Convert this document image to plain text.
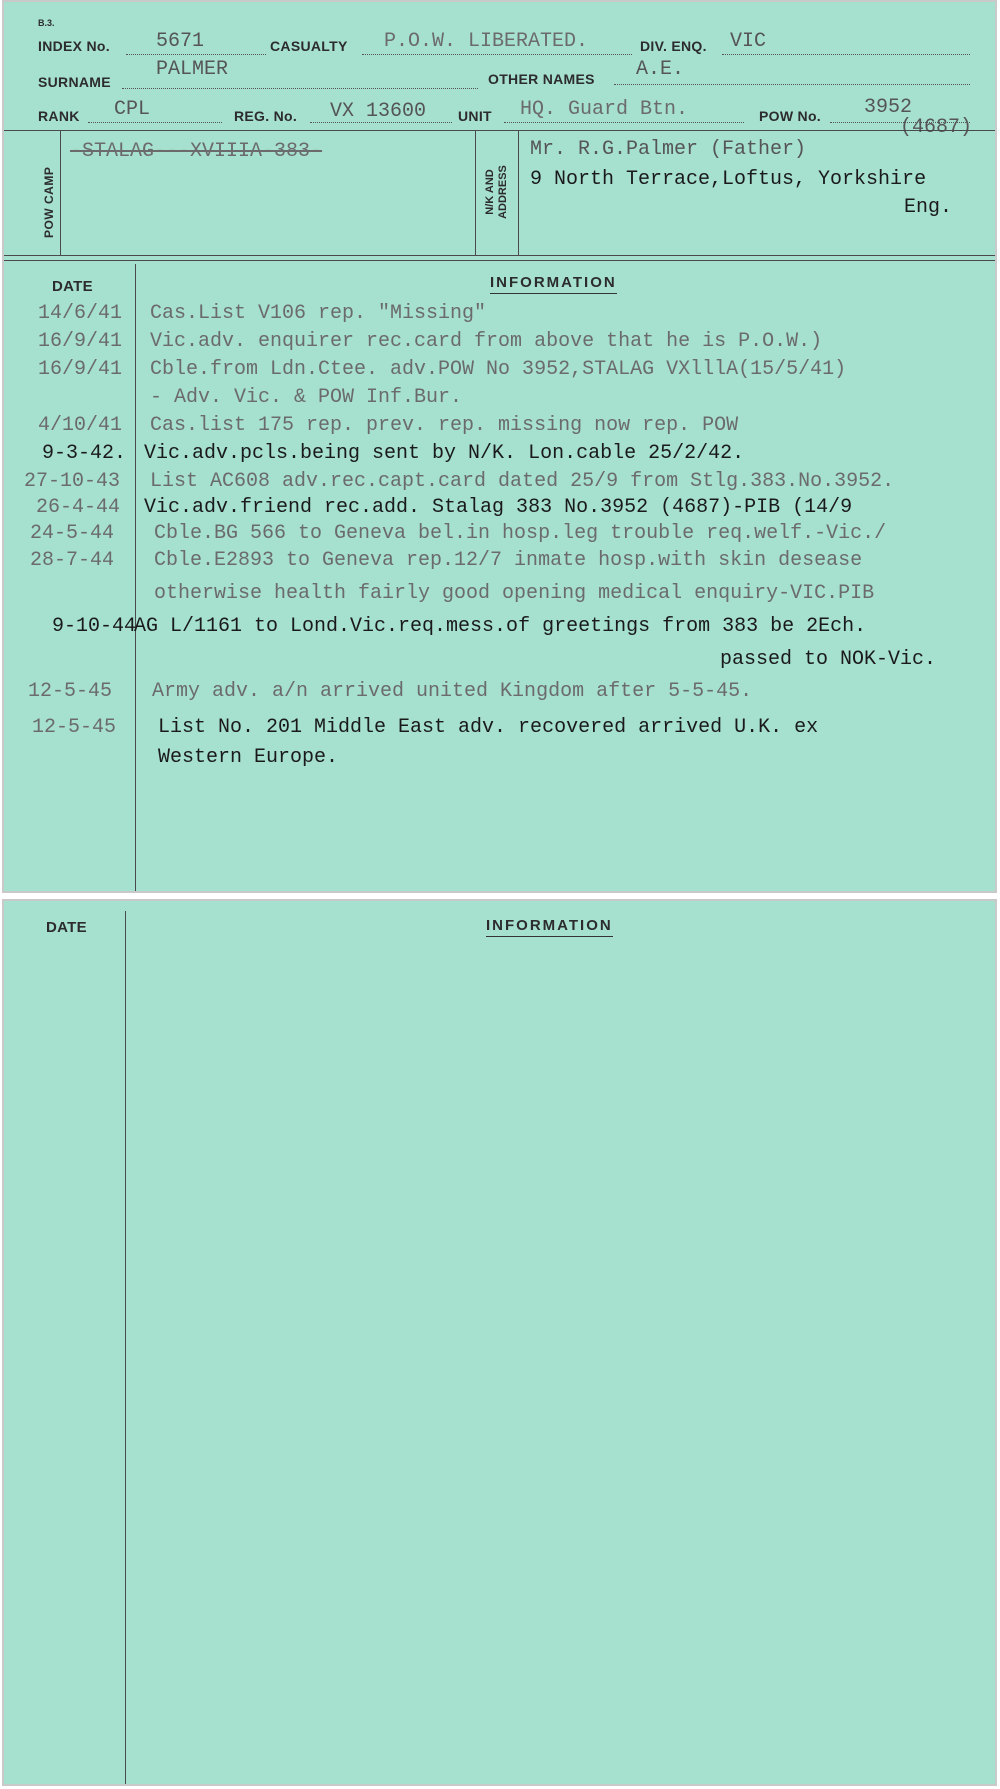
B.3.
INDEX No. 5671	CASUALTY P.O.W. LIBERATED.	DIV. ENQ. VIC
SURNAME
PALMER	OTHER NAMES A.E.
RANK CPL	REG. No. VX 13600 UNIT HQ. Guard Btn.	POW No. 3952
(4687)
POW CAMP
-STALAG---XVIIIA-383-
N/K AND
ADDRESS
Mr. R.G.Palmer (Father)
9 North Terrace,Loftus, Yorkshire
Eng.
DATE	INFORMATION
14/6/41 Cas.List V106 rep. "Missing"
16/9/41 Vic.adv. enquirer rec.card from above that he is P.O.W.)
16/9/41 Cble.from Ldn.Ctee. adv.POW No 3952,STALAG VXlllA(15/5/41)
- Adv. Vic. & POW Inf.Bur.
4/10/41 Cas.list 175 rep. prev. rep. missing now rep. POW
9-3-42. Vic.adv.pcls.being sent by N/K. Lon.cable 25/2/42.
27-10-43 List AC608 adv.rec.capt.card dated 25/9 from Stlg.383.No.3952.
26-4-44 Vic.adv.friend rec.add. Stalag 383 No.3952 (4687)-PIB (14/9
24-5-44 Cble.BG 566 to Geneva bel.in hosp.leg trouble req.welf.-Vic./
28-7-44 Cble.E2893 to Geneva rep.12/7 inmate hosp.with skin desease
otherwise health fairly good opening medical enquiry-VIC.PIB
9-10-44
AG L/1161 to Lond.Vic.req.mess.of greetings from 383 be 2Ech.
passed to NOK-Vic.
12-5-45 Army adv. a/n arrived united Kingdom after 5-5-45.
12-5-45 List No. 201 Middle East adv. recovered arrived U.K. ex
Western Europe.
DATE	INFORMATION
